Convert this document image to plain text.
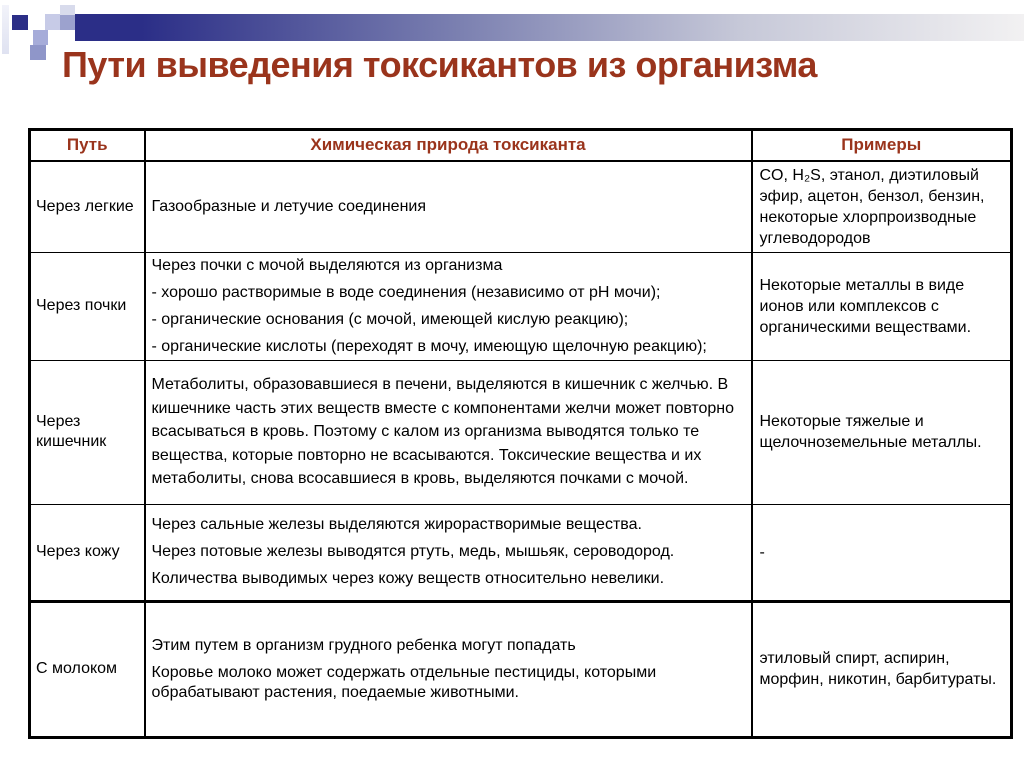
Пути выведения токсикантов из организма
Путь	Химическая природа токсиканта	Примеры

Через легкие	Газообразные и летучие соединения	CO, H₂S, этанол, диэтиловый эфир, ацетон, бензол, бензин, некоторые хлорпроизводные углеводородов

Через почки	Через почки с мочой выделяются из организма

- хорошо растворимые в воде соединения (независимо от pH мочи);

- органические основания (с мочой, имеющей кислую реакцию);

- органические кислоты (переходят в мочу, имеющую щелочную реакцию);	Некоторые металлы в виде ионов или комплексов с органическими веществами.

Через кишечник	Метаболиты, образовавшиеся в печени, выделяются в кишечник с желчью. В кишечнике часть этих веществ вместе с компонентами желчи может повторно всасываться в кровь. Поэтому с калом из организма выводятся только те вещества, которые повторно не всасываются. Токсические вещества и их метаболиты, снова всосавшиеся в кровь, выделяются почками с мочой.	Некоторые тяжелые и щелочноземельные металлы.

Через кожу	Через сальные железы выделяются жирорастворимые вещества.

Через потовые железы выводятся ртуть, медь, мышьяк, сероводород.

Количества выводимых через кожу веществ относительно невелики.	-

С молоком	Этим путем в организм грудного ребенка могут попадать

Коровье молоко может содержать отдельные пестициды, которыми обрабатывают растения, поедаемые животными.	этиловый спирт, аспирин, морфин, никотин, барбитураты.
